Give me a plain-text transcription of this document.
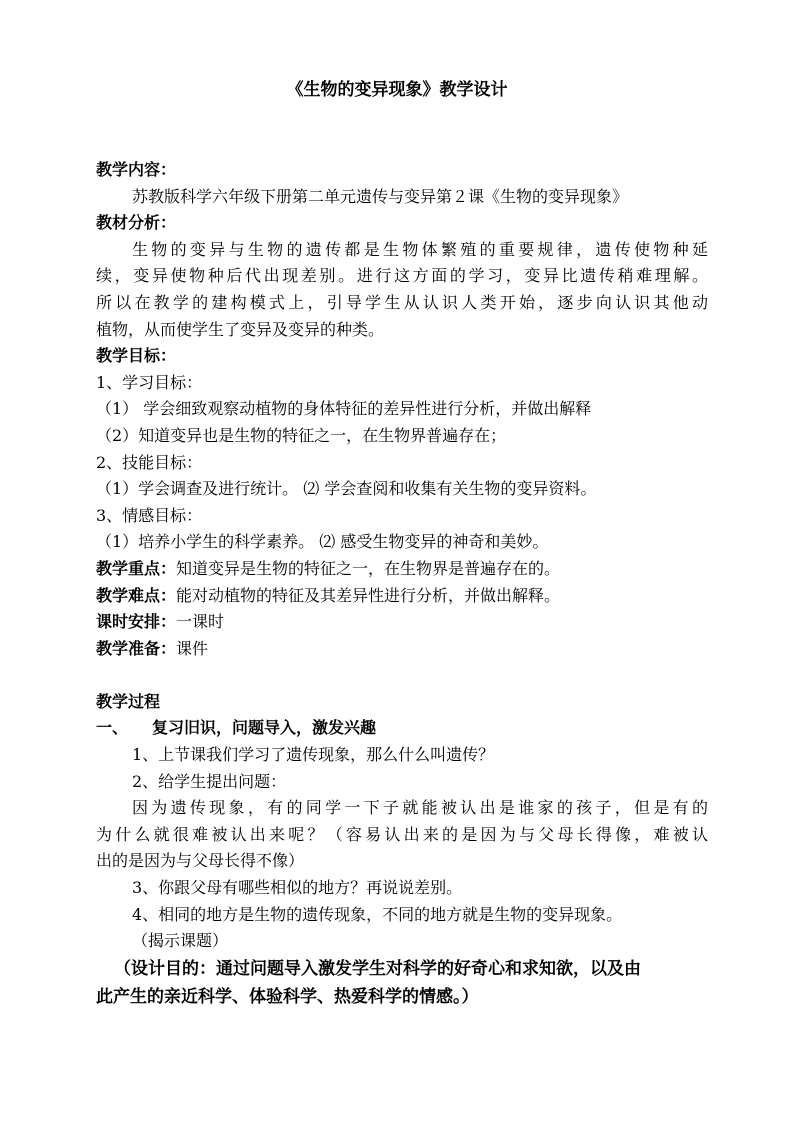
《生物的变异现象》教学设计
教学内容：
苏教版科学六年级下册第二单元遗传与变异第２课《生物的变异现象》
教材分析：
生物的变异与生物的遗传都是生物体繁殖的重要规律，遗传使物种延
续，变异使物种后代出现差别。进行这方面的学习，变异比遗传稍难理解。
所以在教学的建构模式上，引导学生从认识人类开始，逐步向认识其他动
植物，从而使学生了变异及变异的种类。
教学目标：
1、学习目标：
（1） 学会细致观察动植物的身体特征的差异性进行分析，并做出解释
（2）知道变异也是生物的特征之一，在生物界普遍存在；
2、技能目标：
（1）学会调查及进行统计。 ⑵ 学会查阅和收集有关生物的变异资料。
3、情感目标：
（1）培养小学生的科学素养。 ⑵ 感受生物变异的神奇和美妙。
教学重点：知道变异是生物的特征之一，在生物界是普遍存在的。
教学难点：能对动植物的特征及其差异性进行分析，并做出解释。
课时安排：一课时
教学准备：课件
教学过程
一、 复习旧识，问题导入，激发兴趣
1、上节课我们学习了遗传现象，那么什么叫遗传？
2、给学生提出问题：
因为遗传现象，有的同学一下子就能被认出是谁家的孩子，但是有的
为什么就很难被认出来呢？（容易认出来的是因为与父母长得像，难被认
出的是因为与父母长得不像）
3、你跟父母有哪些相似的地方？再说说差别。
4、相同的地方是生物的遗传现象，不同的地方就是生物的变异现象。
（揭示课题）
（设计目的：通过问题导入激发学生对科学的好奇心和求知欲，以及由
此产生的亲近科学、体验科学、热爱科学的情感。）
